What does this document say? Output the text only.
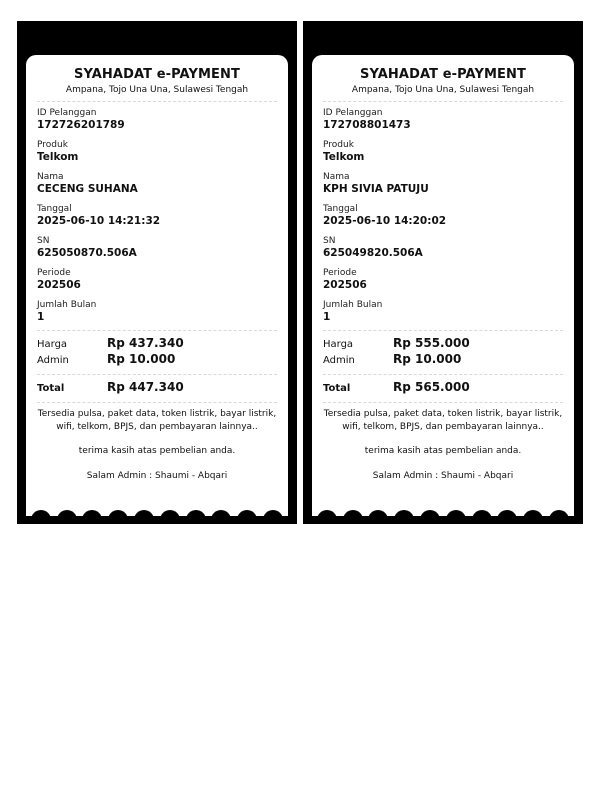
SYAHADAT e-PAYMENT
Ampana, Tojo Una Una, Sulawesi Tengah
ID Pelanggan
172726201789
Produk
Telkom
Nama
CECENG SUHANA
Tanggal
2025-06-10 14:21:32
SN
625050870.506A
Periode
202506
Jumlah Bulan
1
Harga	Rp 437.340
Admin	Rp 10.000
Total	Rp 447.340
Tersedia pulsa, paket data, token listrik, bayar listrik, wifi, telkom, BPJS, dan pembayaran lainnya..
terima kasih atas pembelian anda.
Salam Admin : Shaumi - Abqari
SYAHADAT e-PAYMENT
Ampana, Tojo Una Una, Sulawesi Tengah
ID Pelanggan
172708801473
Produk
Telkom
Nama
KPH SIVIA PATUJU
Tanggal
2025-06-10 14:20:02
SN
625049820.506A
Periode
202506
Jumlah Bulan
1
Harga	Rp 555.000
Admin	Rp 10.000
Total	Rp 565.000
Tersedia pulsa, paket data, token listrik, bayar listrik, wifi, telkom, BPJS, dan pembayaran lainnya..
terima kasih atas pembelian anda.
Salam Admin : Shaumi - Abqari
